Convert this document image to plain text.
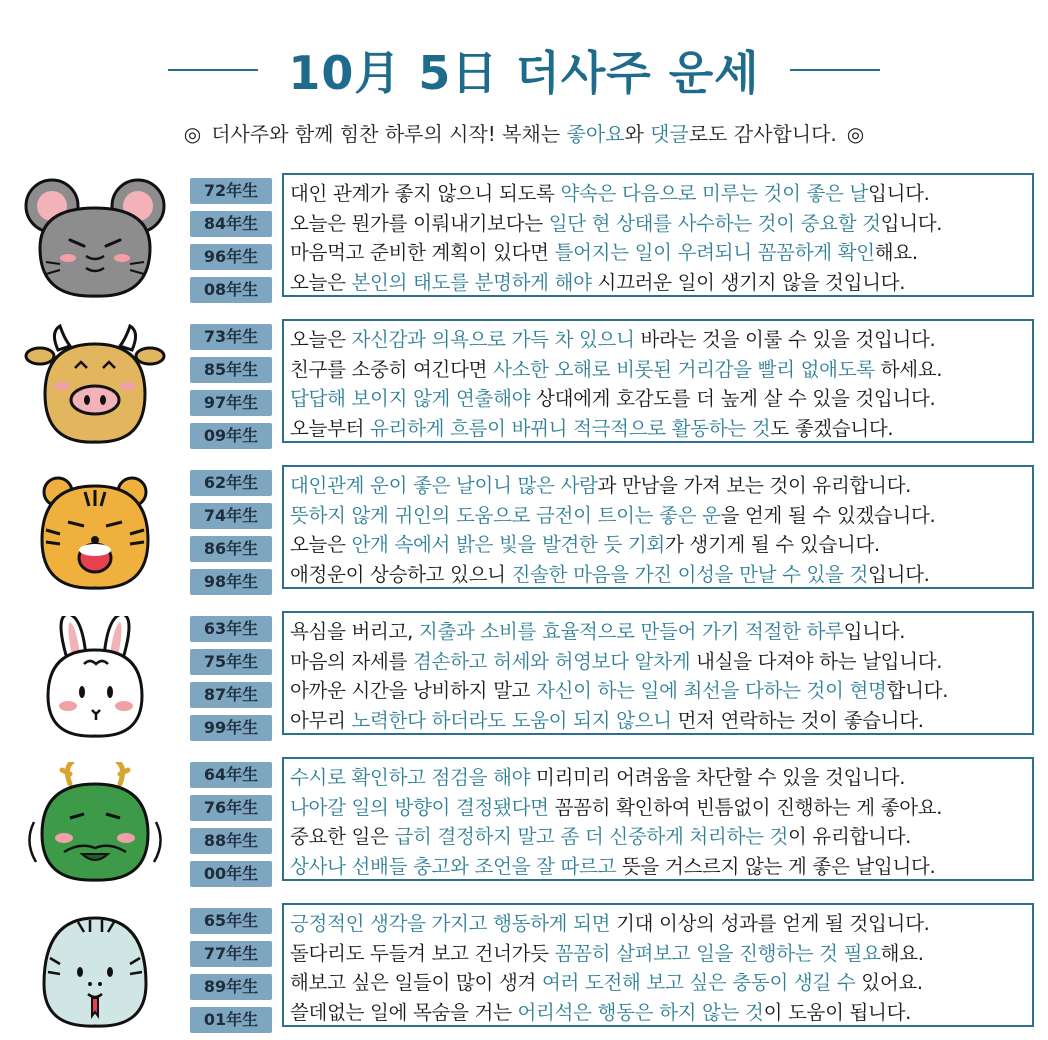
10月 5日 더사주 운세
◎ 더사주와 함께 힘찬 하루의 시작! 복채는 좋아요와 댓글로도 감사합니다. ◎
72年生
84年生
96年生
08年生
대인 관계가 좋지 않으니 되도록 약속은 다음으로 미루는 것이 좋은 날입니다.
오늘은 뭔가를 이뤄내기보다는 일단 현 상태를 사수하는 것이 중요할 것입니다.
마음먹고 준비한 계획이 있다면 틀어지는 일이 우려되니 꼼꼼하게 확인해요.
오늘은 본인의 태도를 분명하게 해야 시끄러운 일이 생기지 않을 것입니다.
73年生
85年生
97年生
09年生
오늘은 자신감과 의욕으로 가득 차 있으니 바라는 것을 이룰 수 있을 것입니다.
친구를 소중히 여긴다면 사소한 오해로 비롯된 거리감을 빨리 없애도록 하세요.
답답해 보이지 않게 연출해야 상대에게 호감도를 더 높게 살 수 있을 것입니다.
오늘부터 유리하게 흐름이 바뀌니 적극적으로 활동하는 것도 좋겠습니다.
62年生
74年生
86年生
98年生
대인관계 운이 좋은 날이니 많은 사람과 만남을 가져 보는 것이 유리합니다.
뜻하지 않게 귀인의 도움으로 금전이 트이는 좋은 운을 얻게 될 수 있겠습니다.
오늘은 안개 속에서 밝은 빛을 발견한 듯 기회가 생기게 될 수 있습니다.
애정운이 상승하고 있으니 진솔한 마음을 가진 이성을 만날 수 있을 것입니다.
63年生
75年生
87年生
99年生
욕심을 버리고, 지출과 소비를 효율적으로 만들어 가기 적절한 하루입니다.
마음의 자세를 겸손하고 허세와 허영보다 알차게 내실을 다져야 하는 날입니다.
아까운 시간을 낭비하지 말고 자신이 하는 일에 최선을 다하는 것이 현명합니다.
아무리 노력한다 하더라도 도움이 되지 않으니 먼저 연락하는 것이 좋습니다.
64年生
76年生
88年生
00年生
수시로 확인하고 점검을 해야 미리미리 어려움을 차단할 수 있을 것입니다.
나아갈 일의 방향이 결정됐다면 꼼꼼히 확인하여 빈틈없이 진행하는 게 좋아요.
중요한 일은 급히 결정하지 말고 좀 더 신중하게 처리하는 것이 유리합니다.
상사나 선배들 충고와 조언을 잘 따르고 뜻을 거스르지 않는 게 좋은 날입니다.
65年生
77年生
89年生
01年生
긍정적인 생각을 가지고 행동하게 되면 기대 이상의 성과를 얻게 될 것입니다.
돌다리도 두들겨 보고 건너가듯 꼼꼼히 살펴보고 일을 진행하는 것 필요해요.
해보고 싶은 일들이 많이 생겨 여러 도전해 보고 싶은 충동이 생길 수 있어요.
쓸데없는 일에 목숨을 거는 어리석은 행동은 하지 않는 것이 도움이 됩니다.
